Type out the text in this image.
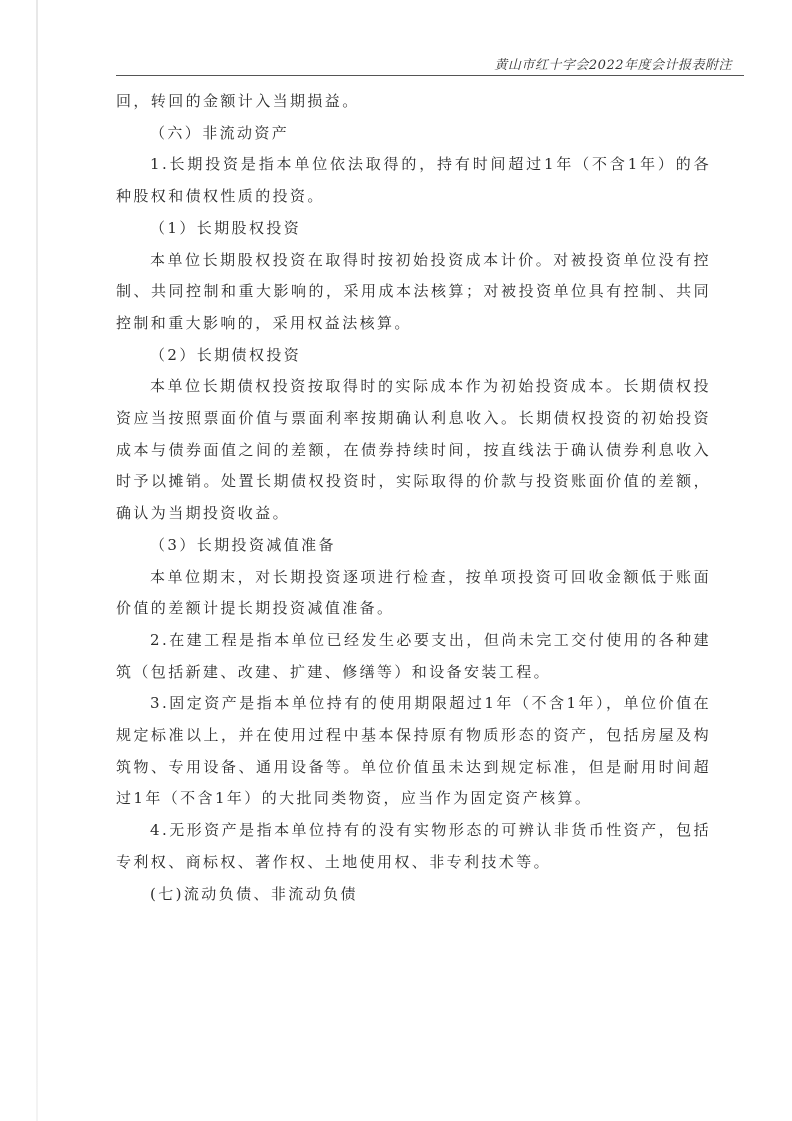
黄山市红十字会2022年度会计报表附注

回，转回的金额计入当期损益。

（六）非流动资产

1.长期投资是指本单位依法取得的，持有时间超过1年（不含1年）的各种股权和债权性质的投资。

（1）长期股权投资

本单位长期股权投资在取得时按初始投资成本计价。对被投资单位没有控制、共同控制和重大影响的，采用成本法核算；对被投资单位具有控制、共同控制和重大影响的，采用权益法核算。

（2）长期债权投资

本单位长期债权投资按取得时的实际成本作为初始投资成本。长期债权投资应当按照票面价值与票面利率按期确认利息收入。长期债权投资的初始投资成本与债券面值之间的差额，在债券持续时间，按直线法于确认债券利息收入时予以摊销。处置长期债权投资时，实际取得的价款与投资账面价值的差额，确认为当期投资收益。

（3）长期投资减值准备

本单位期末，对长期投资逐项进行检查，按单项投资可回收金额低于账面价值的差额计提长期投资减值准备。

2.在建工程是指本单位已经发生必要支出，但尚未完工交付使用的各种建筑（包括新建、改建、扩建、修缮等）和设备安装工程。

3.固定资产是指本单位持有的使用期限超过1年（不含1年），单位价值在规定标准以上，并在使用过程中基本保持原有物质形态的资产，包括房屋及构筑物、专用设备、通用设备等。单位价值虽未达到规定标准，但是耐用时间超过1年（不含1年）的大批同类物资，应当作为固定资产核算。

4.无形资产是指本单位持有的没有实物形态的可辨认非货币性资产，包括专利权、商标权、著作权、土地使用权、非专利技术等。

(七)流动负债、非流动负债
